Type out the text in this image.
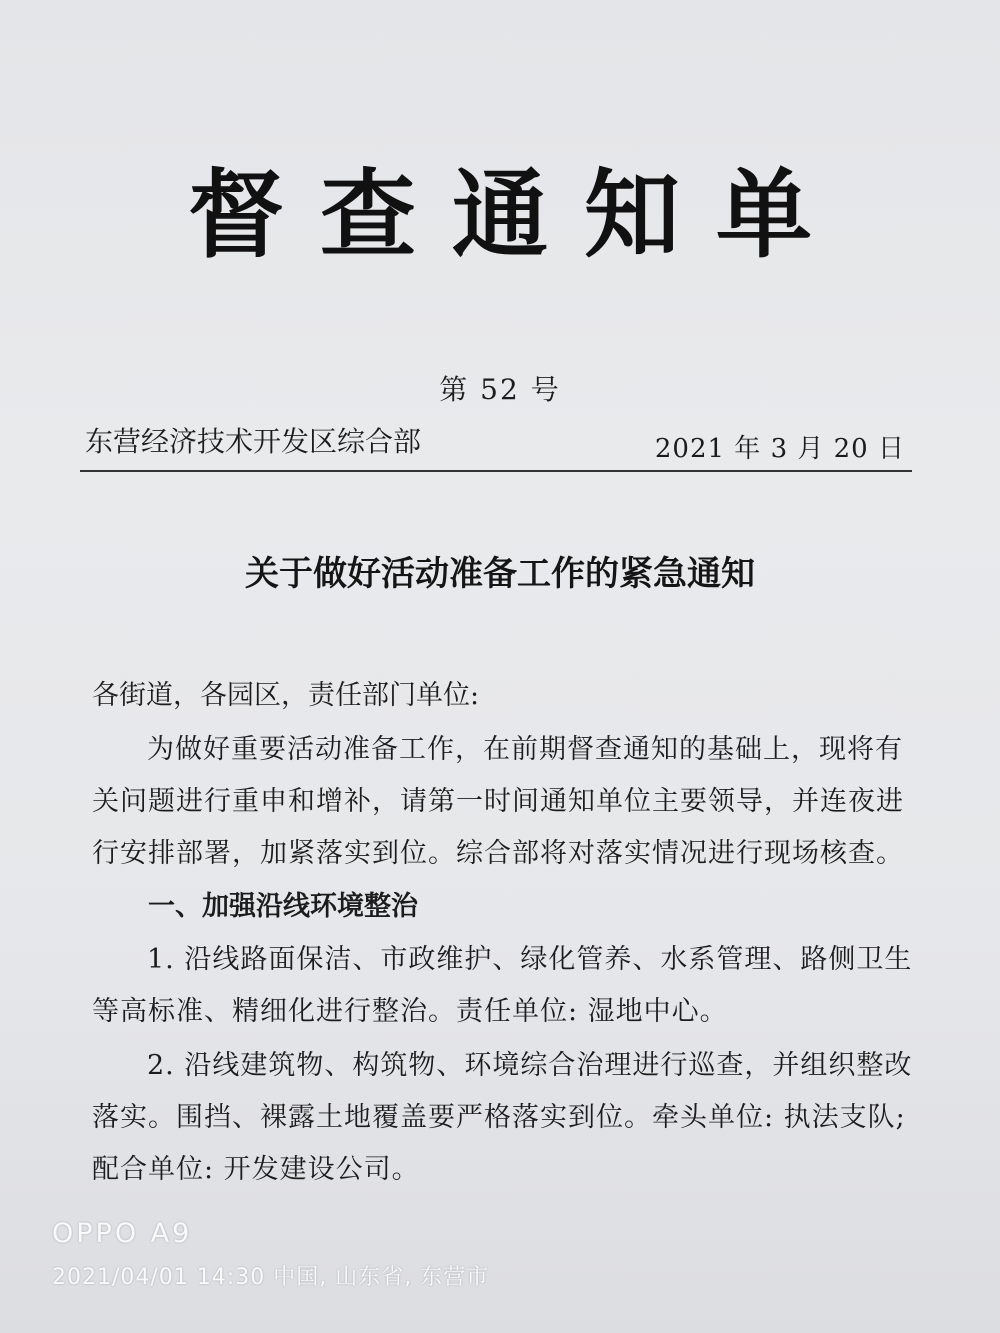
督查通知单
第 52 号
东营经济技术开发区综合部	2021 年 3 月 20 日
关于做好活动准备工作的紧急通知
各街道，各园区，责任部门单位:
为做好重要活动准备工作，在前期督查通知的基础上，现将有关问题进行重申和增补，请第一时间通知单位主要领导，并连夜进行安排部署，加紧落实到位。综合部将对落实情况进行现场核查。
一、加强沿线环境整治
1. 沿线路面保洁、市政维护、绿化管养、水系管理、路侧卫生等高标准、精细化进行整治。责任单位: 湿地中心。
2. 沿线建筑物、构筑物、环境综合治理进行巡查，并组织整改落实。围挡、裸露土地覆盖要严格落实到位。牵头单位: 执法支队; 配合单位: 开发建设公司。
OPPO A9
2021/04/01 14:30 中国, 山东省, 东营市
